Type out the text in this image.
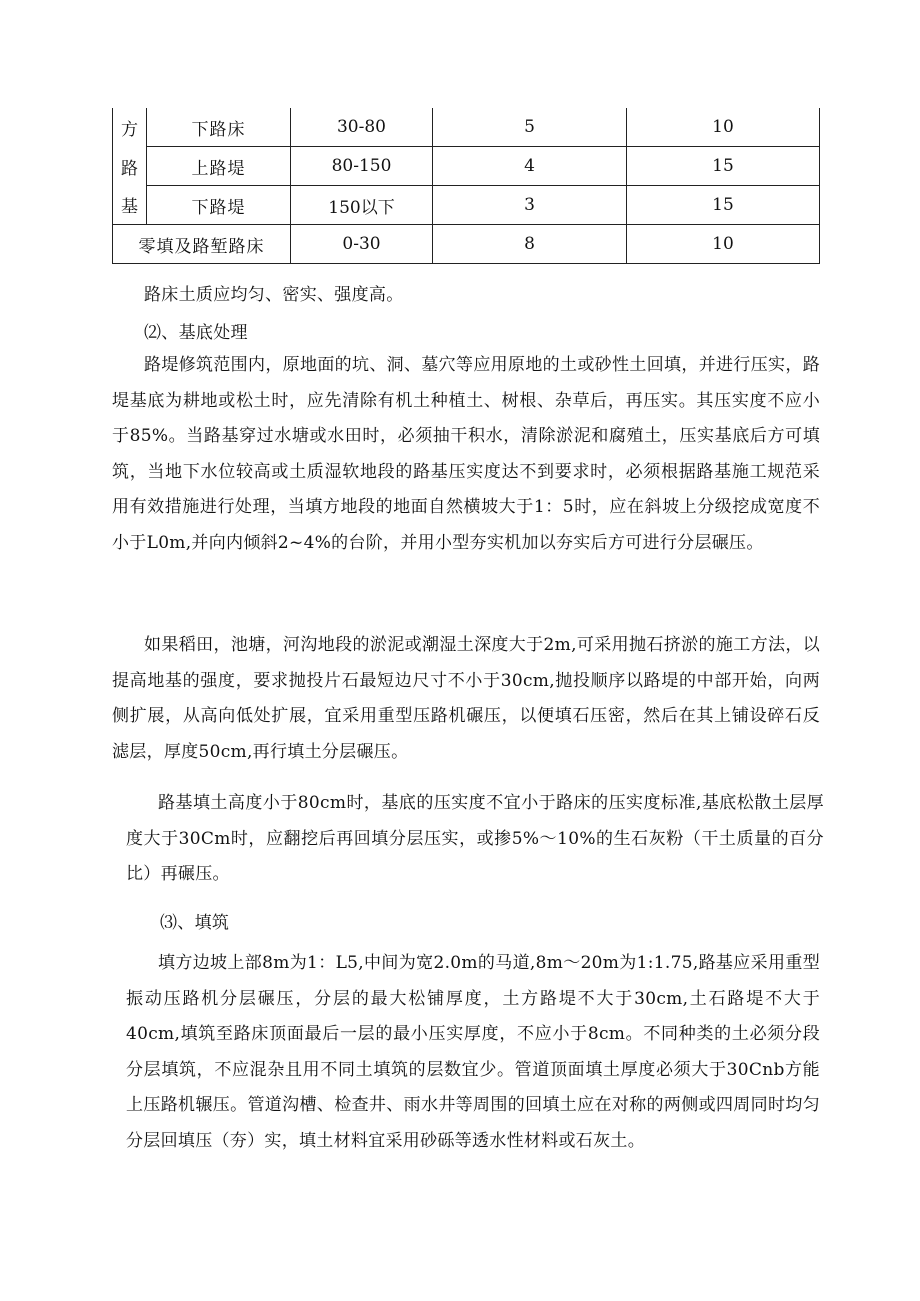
方	下路床	30-80	5	10
路	上路堤	80-150	4	15
基	下路堤	150以下	3	15
零填及路堑路床		0-30	8	10

路床土质应均匀、密实、强度高。

⑵、基底处理

路堤修筑范围内，原地面的坑、洞、墓穴等应用原地的土或砂性土回填，并进行压实，路堤基底为耕地或松土时，应先清除有机土种植土、树根、杂草后，再压实。其压实度不应小于85%。当路基穿过水塘或水田时，必须抽干积水，清除淤泥和腐殖土，压实基底后方可填筑，当地下水位较高或土质湿软地段的路基压实度达不到要求时，必须根据路基施工规范采用有效措施进行处理，当填方地段的地面自然横坡大于1：5时，应在斜坡上分级挖成宽度不小于L0m,并向内倾斜2~4%的台阶，并用小型夯实机加以夯实后方可进行分层碾压。

如果稻田，池塘，河沟地段的淤泥或潮湿土深度大于2m,可采用抛石挤淤的施工方法，以提高地基的强度，要求抛投片石最短边尺寸不小于30cm,抛投顺序以路堤的中部开始，向两侧扩展，从高向低处扩展，宜采用重型压路机碾压，以便填石压密，然后在其上铺设碎石反滤层，厚度50cm,再行填土分层碾压。

路基填土高度小于80cm时，基底的压实度不宜小于路床的压实度标准,基底松散土层厚度大于30Cm时，应翻挖后再回填分层压实，或掺5%～10%的生石灰粉（干土质量的百分比）再碾压。

⑶、填筑

填方边坡上部8m为1：L5,中间为宽2.0m的马道,8m～20m为1:1.75,路基应采用重型振动压路机分层碾压，分层的最大松铺厚度，土方路堤不大于30cm,土石路堤不大于40cm,填筑至路床顶面最后一层的最小压实厚度，不应小于8cm。不同种类的土必须分段分层填筑，不应混杂且用不同土填筑的层数宜少。管道顶面填土厚度必须大于30Cnb方能上压路机辗压。管道沟槽、检查井、雨水井等周围的回填土应在对称的两侧或四周同时均匀分层回填压（夯）实，填土材料宜采用砂砾等透水性材料或石灰土。
